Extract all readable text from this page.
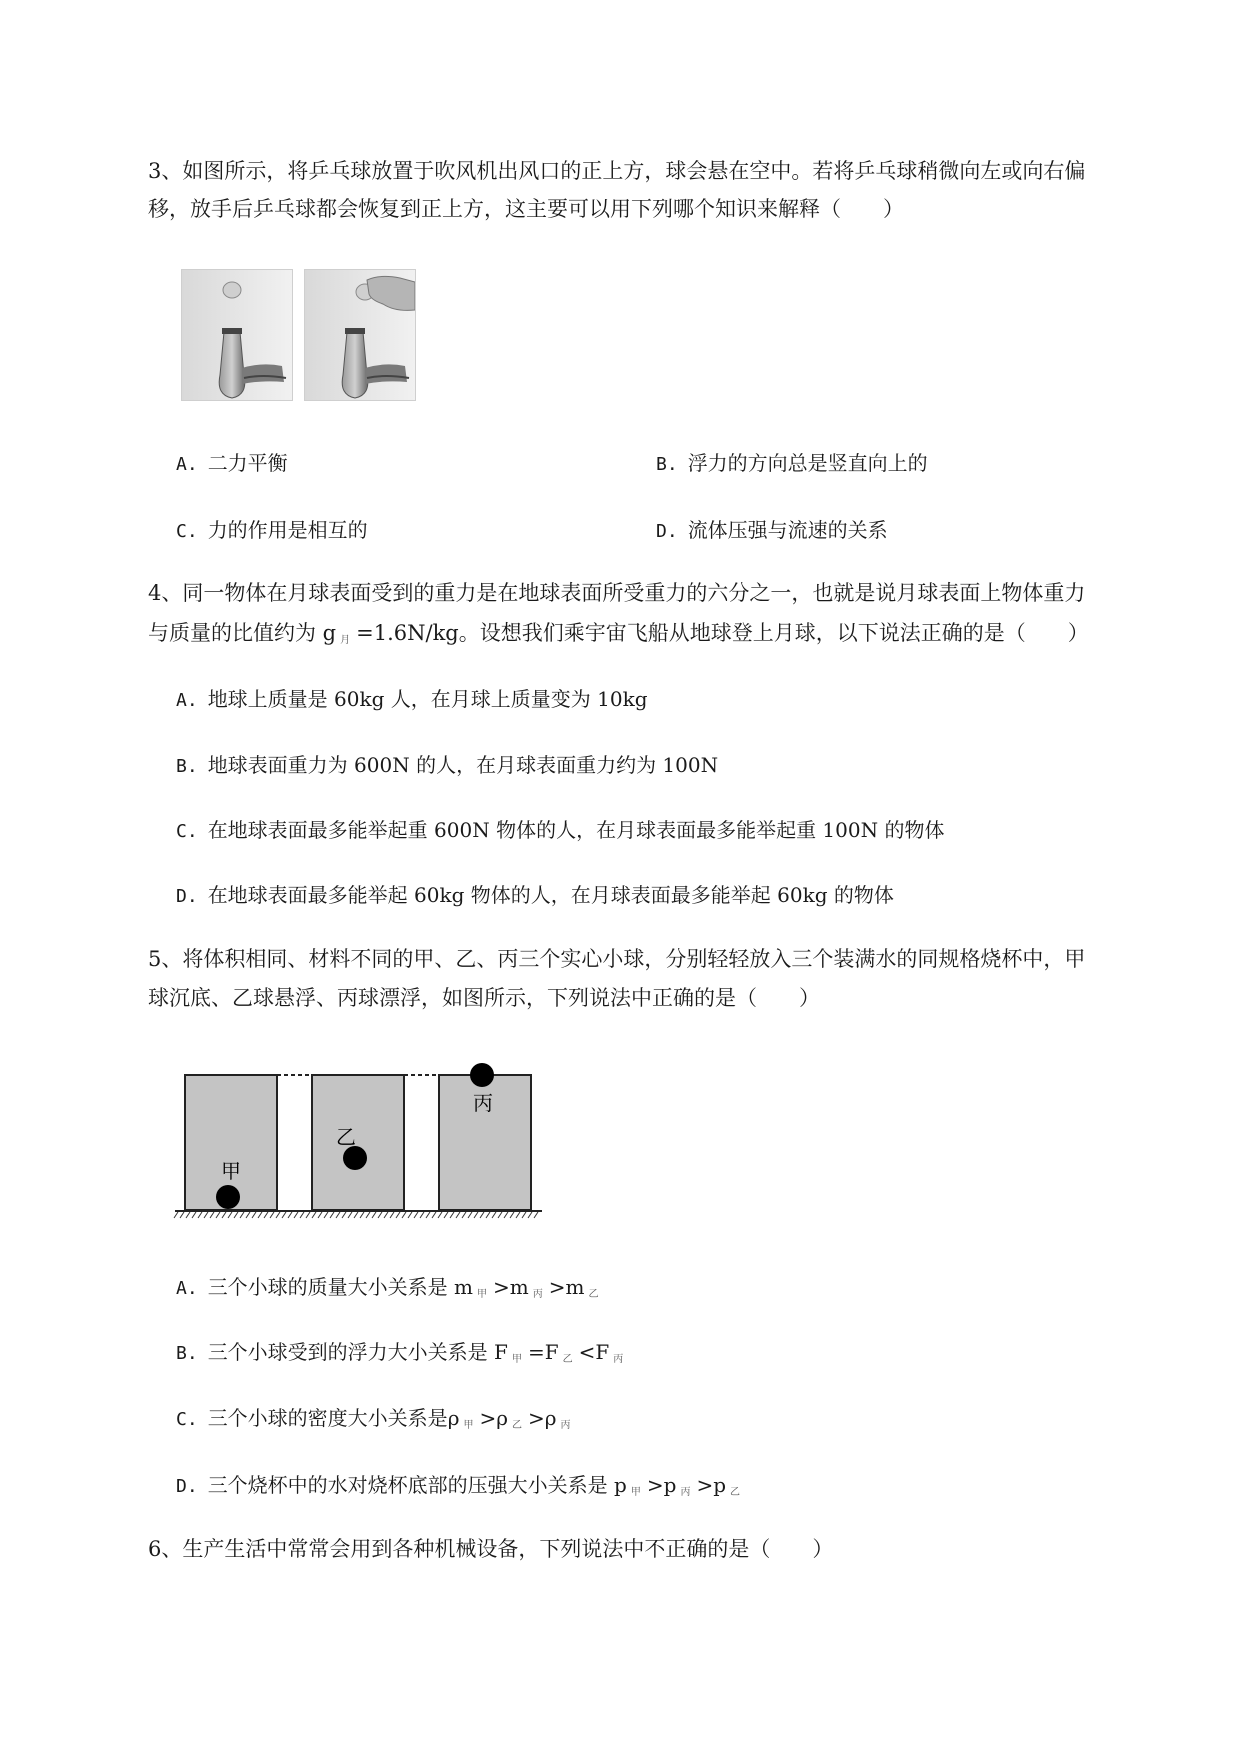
3、如图所示，将乒乓球放置于吹风机出风口的正上方，球会悬在空中。若将乒乓球稍微向左或向右偏
移，放手后乒乓球都会恢复到正上方，这主要可以用下列哪个知识来解释（　　）
A. 二力平衡	B. 浮力的方向总是竖直向上的
C. 力的作用是相互的	D. 流体压强与流速的关系
4、同一物体在月球表面受到的重力是在地球表面所受重力的六分之一，也就是说月球表面上物体重力
与质量的比值约为 g $_月$ =1.6N/kg。设想我们乘宇宙飞船从地球登上月球，以下说法正确的是（　　）
A. 地球上质量是 60kg 人，在月球上质量变为 10kg
B. 地球表面重力为 600N 的人，在月球表面重力约为 100N
C. 在地球表面最多能举起重 600N 物体的人，在月球表面最多能举起重 100N 的物体
D. 在地球表面最多能举起 60kg 物体的人，在月球表面最多能举起 60kg 的物体
5、将体积相同、材料不同的甲、乙、丙三个实心小球，分别轻轻放入三个装满水的同规格烧杯中，甲
球沉底、乙球悬浮、丙球漂浮，如图所示，下列说法中正确的是（　　）
甲
乙
丙
A. 三个小球的质量大小关系是 m $_甲$ >m $_丙$ >m $_乙$
B. 三个小球受到的浮力大小关系是 F $_甲$ =F $_乙$ <F $_丙$
C. 三个小球的密度大小关系是ρ $_甲$ >ρ $_乙$ >ρ $_丙$
D. 三个烧杯中的水对烧杯底部的压强大小关系是 p $_甲$ >p $_丙$ >p $_乙$
6、生产生活中常常会用到各种机械设备，下列说法中不正确的是（　　）
